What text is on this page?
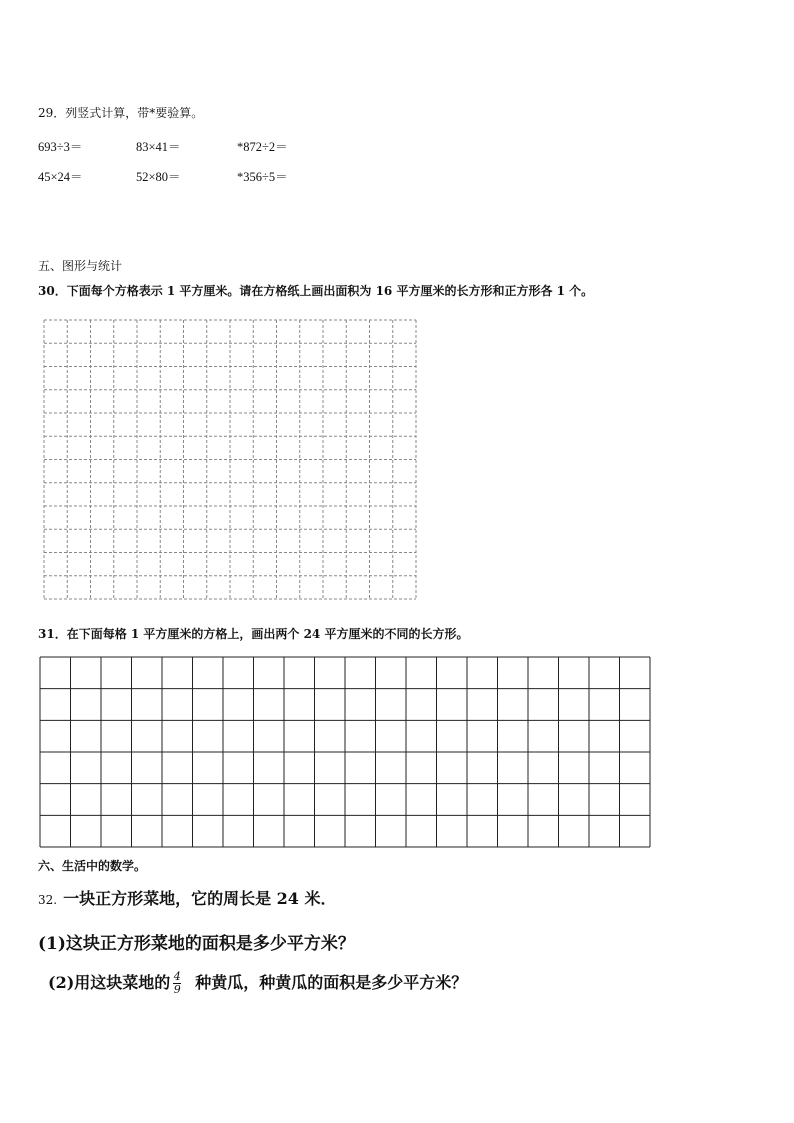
29．列竖式计算，带*要验算。
693÷3＝	83×41＝	*872÷2＝
45×24＝	52×80＝	*356÷5＝
五、图形与统计
30．下面每个方格表示 1 平方厘米。请在方格纸上画出面积为 16 平方厘米的长方形和正方形各 1 个。
31．在下面每格 1 平方厘米的方格上，画出两个 24 平方厘米的不同的长方形。
六、生活中的数学。
32. 一块正方形菜地，它的周长是 24 米．
(1)这块正方形菜地的面积是多少平方米？
(2)用这块菜地的 $\frac{4}{9}$ 种黄瓜，种黄瓜的面积是多少平方米？
